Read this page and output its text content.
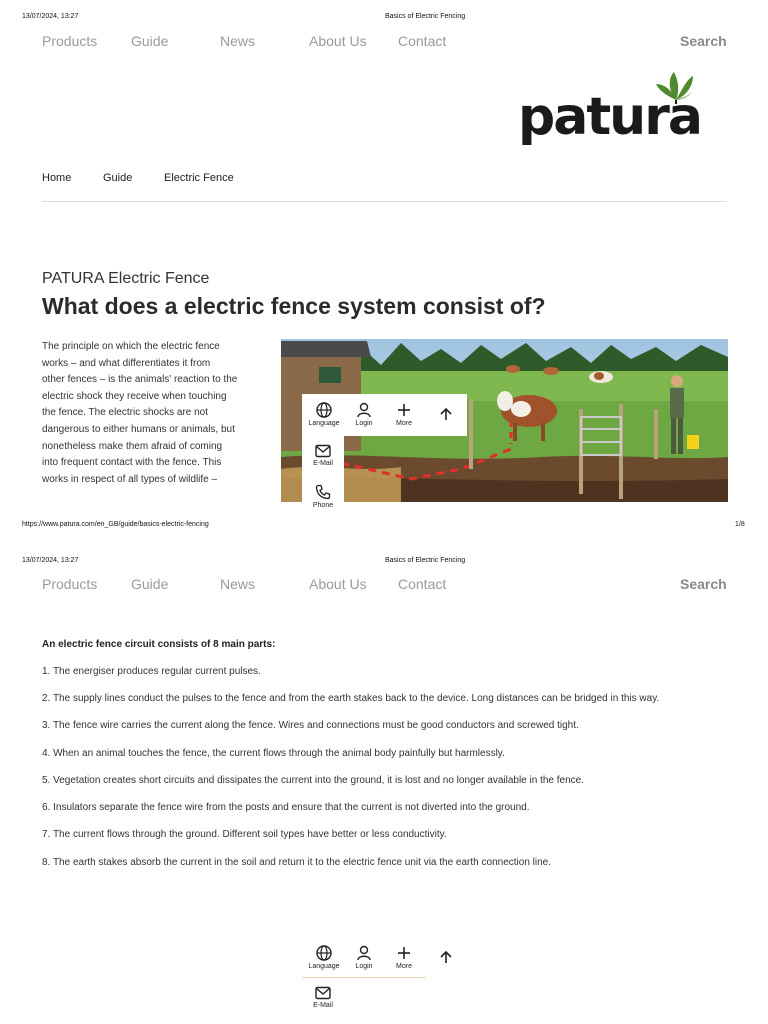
13/07/2024, 13:27	Basics of Electric Fencing
Products Guide	News	About Us Contact	Search
patura
Home	Guide	Electric Fence
PATURA Electric Fence
What does a electric fence system consist of?
The principle on which the electric fence
works – and what differentiates it from
other fences – is the animals' reaction to the
electric shock they receive when touching
the fence. The electric shocks are not
dangerous to either humans or animals, but
nonetheless make them afraid of coming
into frequent contact with the fence. This
works in respect of all types of wildlife –
Language	Login	More
E-Mail
Phone
https://www.patura.com/en_GB/guide/basics-electric-fencing	1/8
13/07/2024, 13:27	Basics of Electric Fencing
Products Guide	News	About Us Contact	Search
An electric fence circuit consists of 8 main parts:
1. The energiser produces regular current pulses.
2. The supply lines conduct the pulses to the fence and from the earth stakes back to the device. Long distances can be bridged in this way.
3. The fence wire carries the current along the fence. Wires and connections must be good conductors and screwed tight.
4. When an animal touches the fence, the current flows through the animal body painfully but harmlessly.
5. Vegetation creates short circuits and dissipates the current into the ground, it is lost and no longer available in the fence.
6. Insulators separate the fence wire from the posts and ensure that the current is not diverted into the ground.
7. The current flows through the ground. Different soil types have better or less conductivity.
8. The earth stakes absorb the current in the soil and return it to the electric fence unit via the earth connection line.
Language	Login	More
E-Mail
